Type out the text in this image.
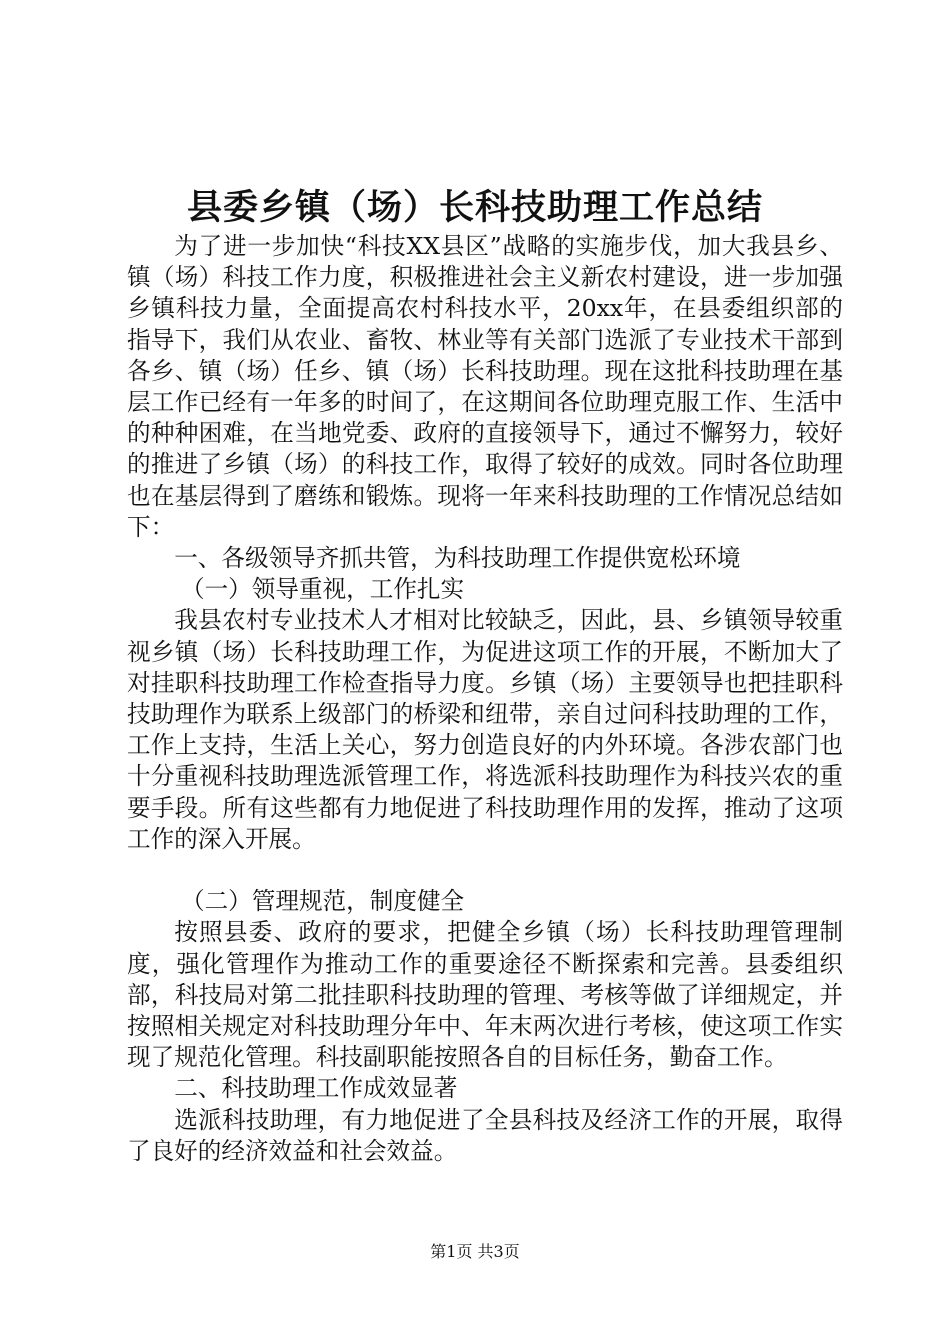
县委乡镇（场）长科技助理工作总结

为了进一步加快“科技XX县区”战略的实施步伐，加大我县乡、镇（场）科技工作力度，积极推进社会主义新农村建设，进一步加强乡镇科技力量，全面提高农村科技水平，20xx年，在县委组织部的指导下，我们从农业、畜牧、林业等有关部门选派了专业技术干部到各乡、镇（场）任乡、镇（场）长科技助理。现在这批科技助理在基层工作已经有一年多的时间了，在这期间各位助理克服工作、生活中的种种困难，在当地党委、政府的直接领导下，通过不懈努力，较好的推进了乡镇（场）的科技工作，取得了较好的成效。同时各位助理也在基层得到了磨练和锻炼。现将一年来科技助理的工作情况总结如下：

一、各级领导齐抓共管，为科技助理工作提供宽松环境

（一）领导重视，工作扎实

我县农村专业技术人才相对比较缺乏，因此，县、乡镇领导较重视乡镇（场）长科技助理工作，为促进这项工作的开展，不断加大了对挂职科技助理工作检查指导力度。乡镇（场）主要领导也把挂职科技助理作为联系上级部门的桥梁和纽带，亲自过问科技助理的工作，工作上支持，生活上关心，努力创造良好的内外环境。各涉农部门也十分重视科技助理选派管理工作，将选派科技助理作为科技兴农的重要手段。所有这些都有力地促进了科技助理作用的发挥，推动了这项工作的深入开展。

（二）管理规范，制度健全

按照县委、政府的要求，把健全乡镇（场）长科技助理管理制度，强化管理作为推动工作的重要途径不断探索和完善。县委组织部，科技局对第二批挂职科技助理的管理、考核等做了详细规定，并按照相关规定对科技助理分年中、年末两次进行考核，使这项工作实现了规范化管理。科技副职能按照各自的目标任务，勤奋工作。

二、科技助理工作成效显著

选派科技助理，有力地促进了全县科技及经济工作的开展，取得了良好的经济效益和社会效益。

第1页 共3页
